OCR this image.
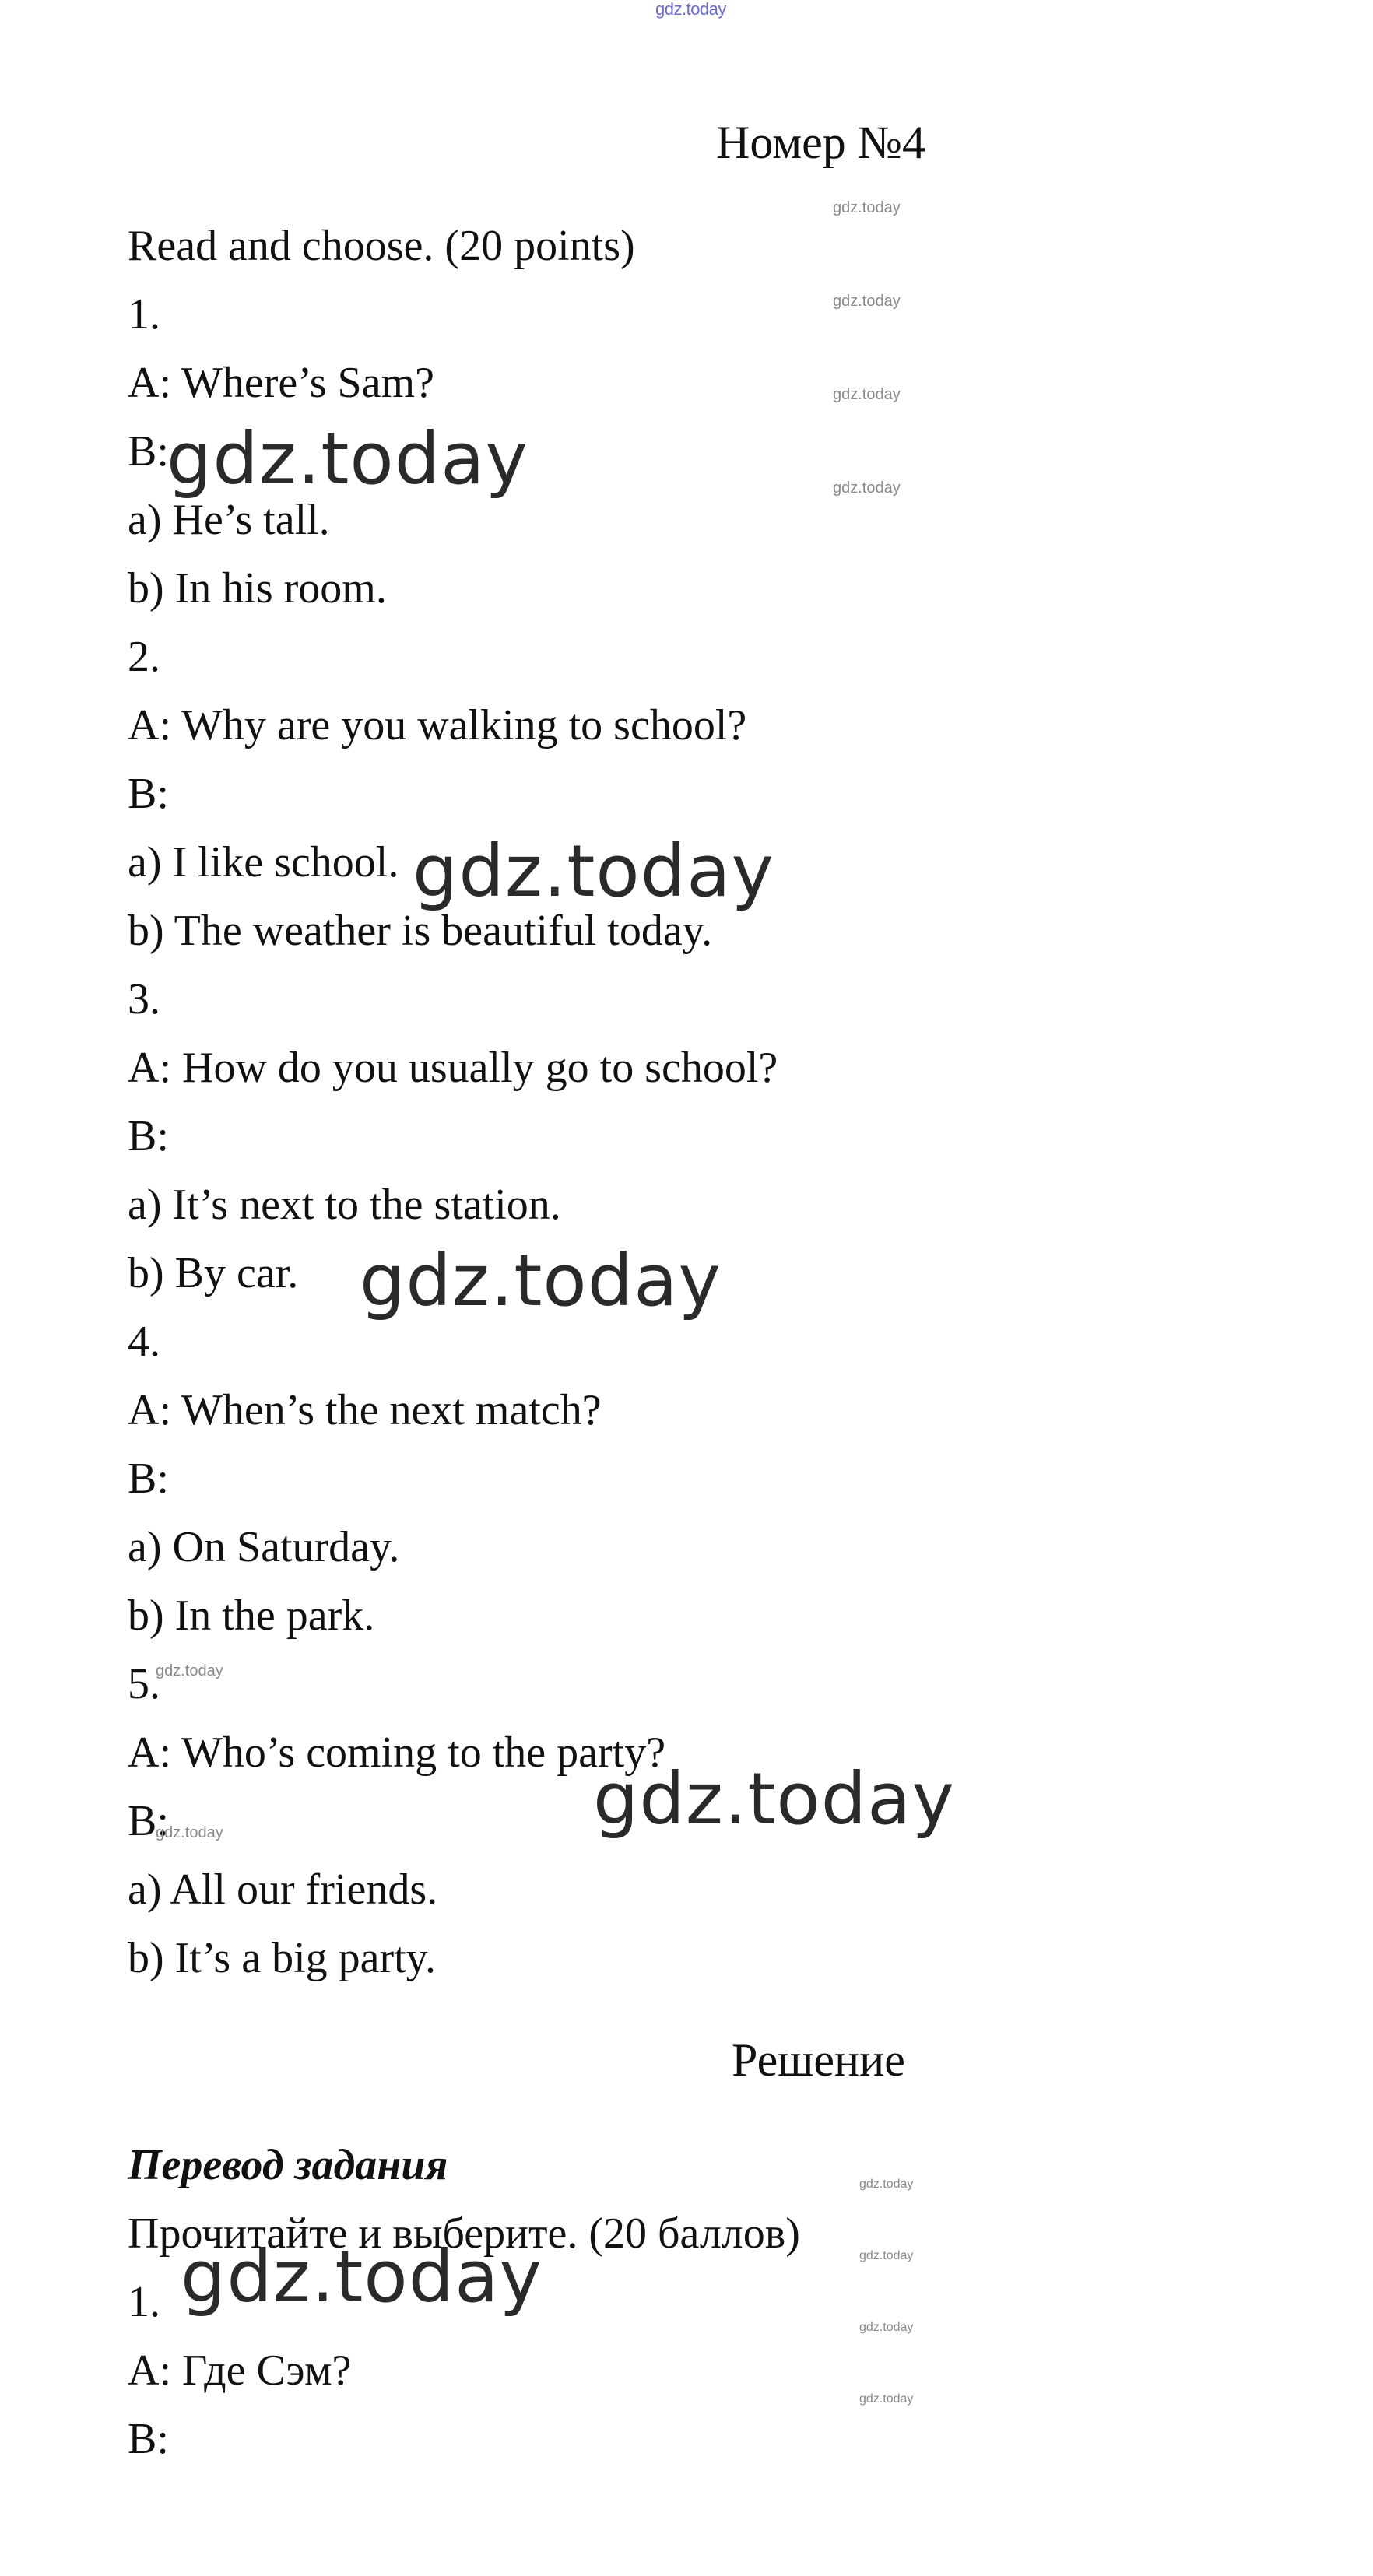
gdz.today
Номер №4
Read and choose. (20 points)
1.
A: Where’s Sam?
B:
a) He’s tall.
b) In his room.
2.
A: Why are you walking to school?
B:
a) I like school.
b) The weather is beautiful today.
3.
A: How do you usually go to school?
B:
a) It’s next to the station.
b) By car.
4.
A: When’s the next match?
B:
a) On Saturday.
b) In the park.
5.
A: Who’s coming to the party?
B:
a) All our friends.
b) It’s a big party.
Решение
Перевод задания
Прочитайте и выберите. (20 баллов)
1.
A: Где Сэм?
B:
gdz.today
gdz.today
gdz.today
gdz.today
gdz.today
gdz.today
gdz.today
gdz.today
gdz.today
gdz.today
gdz.today
gdz.today
gdz.today
gdz.today
gdz.today
